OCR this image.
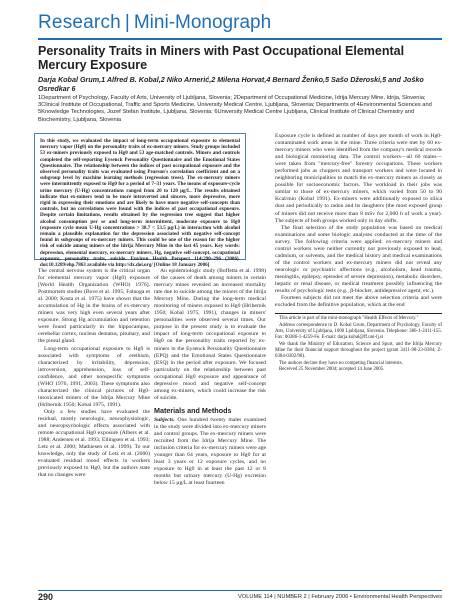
Research | Mini-Monograph
Personality Traits in Miners with Past Occupational Elemental Mercury Exposure
Darja Kobal Grum,1 Alfred B. Kobal,2 Niko Arnerić,2 Milena Horvat,4 Bernard Ženko,5 Sašo Džeroski,5 and Joško Osredkar 6
1Department of Psychology, Faculty of Arts, University of Ljubljana, Slovenia; 2Department of Occupational Medicine, Idrija Mercury Mine, Idrija, Slovenia; 3Clinical Institute of Occupational, Traffic and Sports Medicine, University Medical Centre, Ljubljana, Slovenia; Departments of 4Environmental Sciences and 5Knowledge Technologies, Jozef Stefan Institute, Ljubljana, Slovenia; 6University Medical Centre Ljubljana, Clinical Institute of Clinical Chemistry and Biochemistry, Ljubljana, Slovenia
In this study, we evaluated the impact of long-term occupational exposure to elemental mercury vapor (Hg0) on the personality traits of ex-mercury miners. Study groups included 53 ex-miners previously exposed to Hg0 and 53 age-matched controls. Miners and controls completed the self-reporting Eysenck Personality Questionnaire and the Emotional States Questionnaire. The relationship between the indices of past occupational exposure and the observed personality traits was evaluated using Pearson's correlation coefficient and on a subgroup level by machine learning methods (regression trees). The ex-mercury miners were intermittently exposed to Hg0 for a period of 7–31 years. The means of exposure-cycle urine mercury (U-Hg) concentrations ranged from 20 to 120 µg/L. The results obtained indicate that ex-miners tend to be more introverted and sincere, more depressive, more rigid in expressing their emotions and are likely to have more negative self-concepts than controls, but no correlations were found with the indices of past occupational exposure. Despite certain limitations, results obtained by the regression tree suggest that higher alcohol consumption per se and long-term intermittent, moderate exposure to Hg0 (exposure cycle mean U-Hg concentrations > 38.7 < 53.5 µg/L) in interaction with alcohol remain a plausible explanation for the depression associated with negative self-concept found in subgroups of ex-mercury miners. This could be one of the reason for the higher risk of suicide among miners of the Idrija Mercury Mine in the last 45 years. Key words: depression, elemental mercury, ex-mercury miners, Hg, negative self-concept, occupational exposure, personality traits, suicide. Environ Health Perspect 114:290–296 (2006). doi:10.1289/ehp.7863 available via http://dx.doi.org/ [Online 18 January 2006]

The central nervous system is the critical organ for elemental mercury vapor (Hg0) exposure [World Health Organization (WHO) 1976]. Postmortem studies (Bove et al. 1995; Falnoga et al. 2000; Kosta et al. 1975) have shown that the accumulation of Hg in the brains of ex-mercury miners was very high even several years after exposure. Strong Hg accumulation and retention were found particularly in the hippocampus, cerebellar cortex, nucleus dentatus, pituitary, and the pineal gland.

Long-term occupational exposure to Hg0 is associated with symptoms of erethism, characterized by irritability, depression, introversion, apprehension, loss of self-confidence, and other nonspecific symptoms (WHO 1976, 1991, 2003). These symptoms also characterized the clinical pictures of Hg0-intoxicated miners of the Idrija Mercury Mine (Hribernik 1950; Kobal 1975, 1991).

Only a few studies have evaluated the residual, mostly neurologic, neurophysiologic, and neuropsychologic effects associated with remote occupational Hg0 exposure (Albers et al. 1988; Andersen et al. 1993; Ellingsen et al. 1993; Letz et al. 2000; Mathiesen et al. 1999). To our knowledge, only the study of Letz et al. (2000) evaluated residual mood effects in workers previously exposed to Hg0, but the authors state that no changes were

An epidemiologic study (Boffetta et al. 1998) of the causes of death among miners in certain mercury mines revealed an increased mortality rate due to suicide among the miners of the Idrija Mercury Mine. During the long-term medical monitoring of miners exposed to Hg0 (Hribernik 1950; Kobal 1975, 1991), changes in miners' personalities were observed several times. Our purpose in the present study is to evaluate the impact of long-term occupational exposure to Hg0 on the personality traits reported by ex-miners in the Eysenck Personality Questionnaire (EPQ) and the Emotional States Questionnaire (ESQ) in the period after exposure. We focused particularly on the relationship between past occupational Hg0 exposure and appearance of depressive mood and negative self-concept among ex-miners, which could increase the risk of suicide.

Materials and Methods

Subjects. One hundred twenty males examined in the study were divided into ex-mercury miners and control groups. The ex-mercury miners were recruited from the Idrija Mercury Mine. The inclusion criteria for ex-mercury miners were age younger than 64 years, exposure to Hg0 for at least 3 years or 12 exposure cycles, and no exposure to Hg0 in at least the past 12 or 8 months but urinary mercury (U-Hg) excretion below 15 µg/L at least fourteen

Exposure cycle is defined as number of days per month of work in Hg0-contaminated work areas in the mine. Three criteria were met by 60 ex-mercury miners who were identified from the company's medical records and biological monitoring data. The control workers—all 60 males—were taken from "mercury-free" forestry occupations. These workers performed jobs as choppers and transport workers and were located in neighboring municipalities to match the ex-mercury miners as closely as possible for socioeconomic factors. The workload in their jobs was similar to those of ex-mercury miners, which varied from 50 to 90 Kcal/min (Kobal 1991). Ex-miners were additionally exposed to silica dust and periodically to radon and its daughters (the most exposed group of miners did not receive more than 8 mSv for 2,000 h of work a year). The subjects of both groups worked only in day shifts.

The final selection of the study population was based on medical examinations and some biologic analyses conducted at the time of the survey. The following criteria were applied: ex-mercury miners and control workers were neither currently nor previously exposed to lead, cadmium, or solvents, and the medical history and medical examinations of the control workers and ex-mercury miners did not reveal any neurologic or psychiatric affections (e.g., alcoholism, head trauma, meningitis, epilepsy, episodes of severe depression), metabolic disorders, hepatic or renal disease, or medical treatment possibly influencing the results of psychologic tests (e.g., β-blocker, antidepressive agent, etc.).

Fourteen subjects did not meet the above selection criteria and were excluded from the definitive population, which at the end

This article is part of the mini-monograph "Health Effects of Mercury."

Address correspondence to D. Kobal Grum, Department of Psychology, Faculty of Arts, University of Ljubljana, 1000 Ljubljana, Slovenia. Telephone: 386-1-2411-155. Fax: 00386-1-4259-Fe. E-mail: darja.kobal@ff.uni-lj.si

We thank the Ministry of Education, Science and Sport, and the Idrija Mercury Mine for their financial support throughout the project (grant 3411-98-23-0384; Z-0384-0302/98).

The authors declare they have no competing financial interests.

Received 25 November 2004; accepted 14 June 2005.

290	VOLUME 114 | NUMBER 2 | February 2006 • Environmental Health Perspectives
